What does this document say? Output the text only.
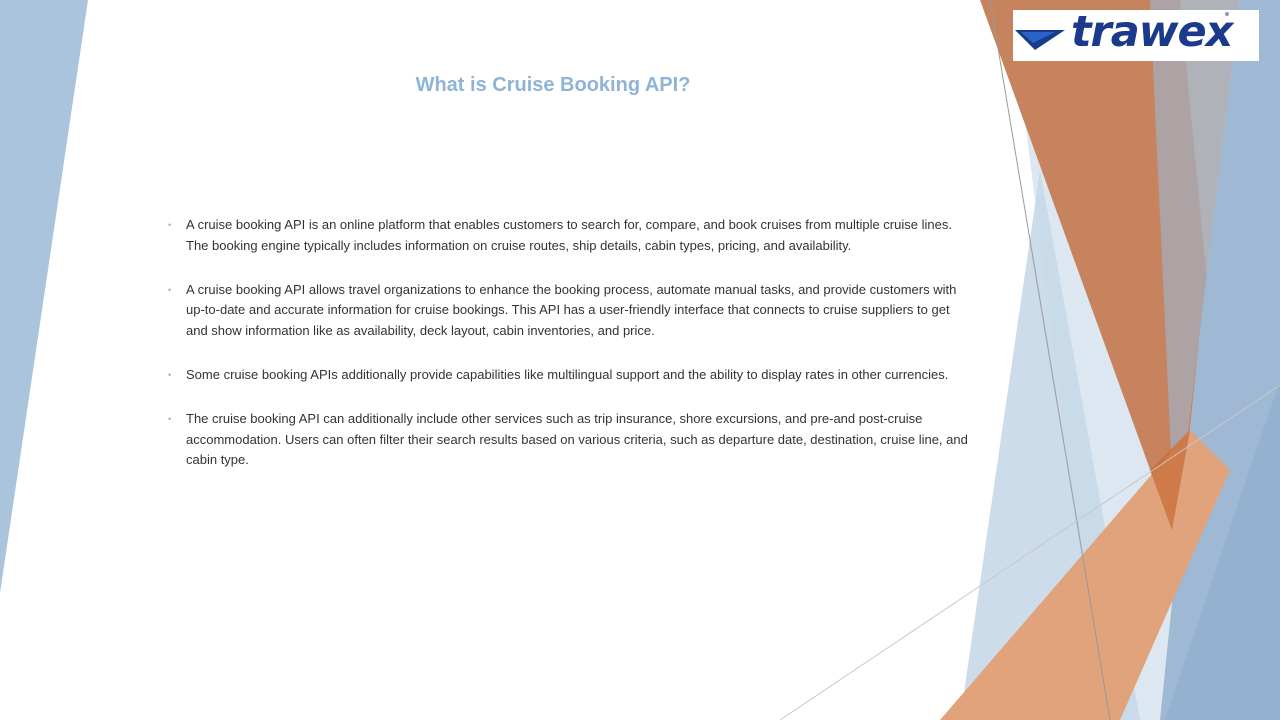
trawex
What is Cruise Booking API?
• A cruise booking API is an online platform that enables customers to search for, compare, and book cruises from multiple cruise lines. The booking engine typically includes information on cruise routes, ship details, cabin types, pricing, and availability.
• A cruise booking API allows travel organizations to enhance the booking process, automate manual tasks, and provide customers with up-to-date and accurate information for cruise bookings. This API has a user-friendly interface that connects to cruise suppliers to get and show information like as availability, deck layout, cabin inventories, and price.
• Some cruise booking APIs additionally provide capabilities like multilingual support and the ability to display rates in other currencies.
• The cruise booking API can additionally include other services such as trip insurance, shore excursions, and pre-and post-cruise accommodation. Users can often filter their search results based on various criteria, such as departure date, destination, cruise line, and cabin type.
